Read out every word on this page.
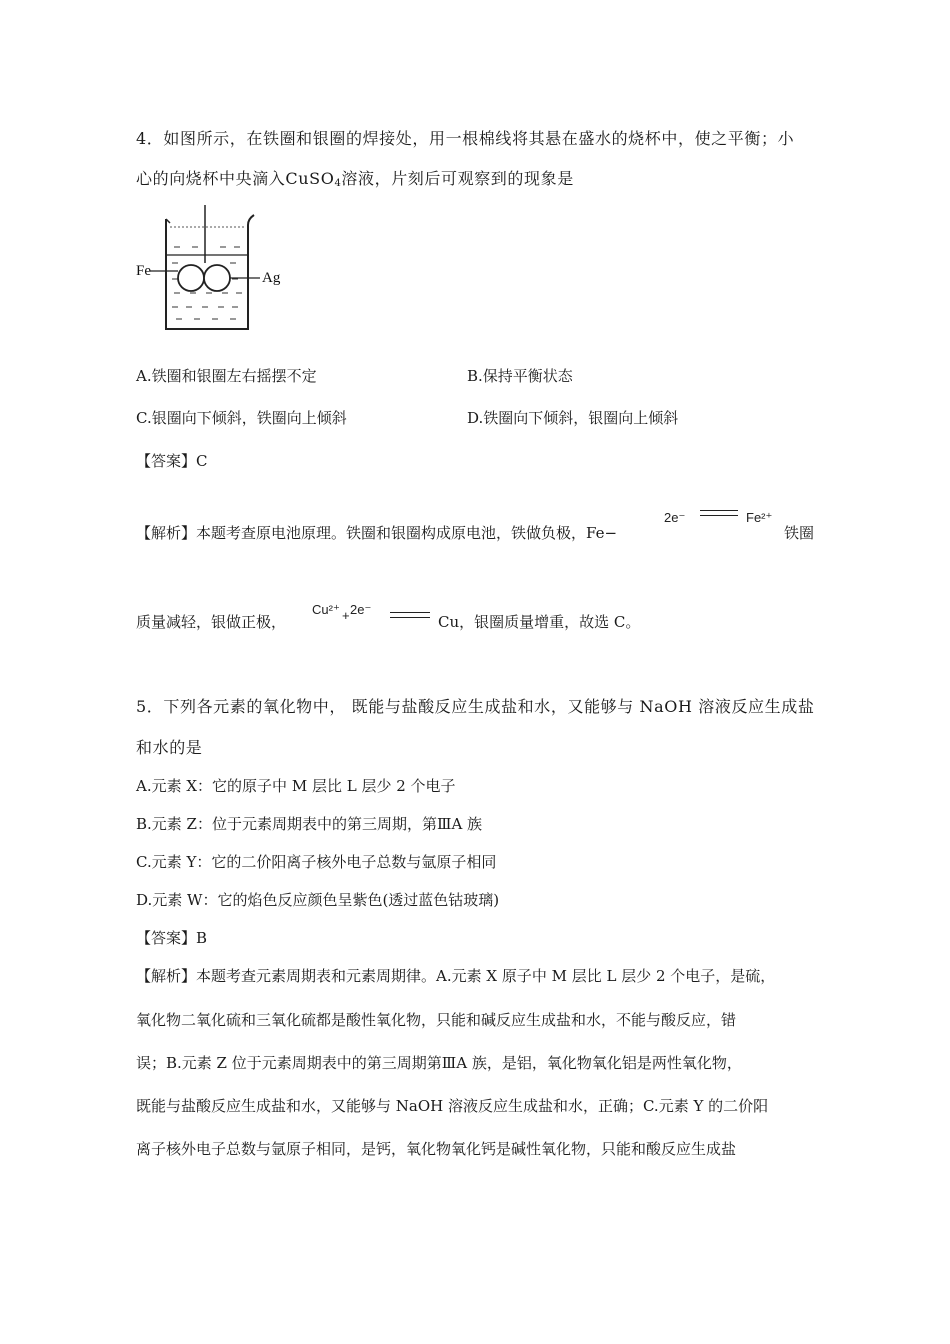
4．如图所示，在铁圈和银圈的焊接处，用一根棉线将其悬在盛水的烧杯中，使之平衡；小
心的向烧杯中央滴入CuSO$_4$溶液，片刻后可观察到的现象是
Fe	Ag
A.铁圈和银圈左右摇摆不定	B.保持平衡状态
C.银圈向下倾斜，铁圈向上倾斜	D.铁圈向下倾斜，银圈向上倾斜
【答案】C
【解析】本题考查原电池原理。铁圈和银圈构成原电池，铁做负极，Fe−
2e⁻	Fe²⁺
铁圈
质量减轻，银做正极，
Cu²⁺ + 2e⁻
Cu，银圈质量增重，故选 C。
5．下列各元素的氧化物中， 既能与盐酸反应生成盐和水，又能够与 NaOH 溶液反应生成盐
和水的是
A.元素 X：它的原子中 M 层比 L 层少 2 个电子
B.元素 Z：位于元素周期表中的第三周期，第ⅢA 族
C.元素 Y：它的二价阳离子核外电子总数与氩原子相同
D.元素 W：它的焰色反应颜色呈紫色(透过蓝色钴玻璃)
【答案】B
【解析】本题考查元素周期表和元素周期律。A.元素 X 原子中 M 层比 L 层少 2 个电子，是硫，
氧化物二氧化硫和三氧化硫都是酸性氧化物，只能和碱反应生成盐和水，不能与酸反应，错
误；B.元素 Z 位于元素周期表中的第三周期第ⅢA 族，是铝，氧化物氧化铝是两性氧化物，
既能与盐酸反应生成盐和水，又能够与 NaOH 溶液反应生成盐和水，正确；C.元素 Y 的二价阳
离子核外电子总数与氩原子相同，是钙，氧化物氧化钙是碱性氧化物，只能和酸反应生成盐
